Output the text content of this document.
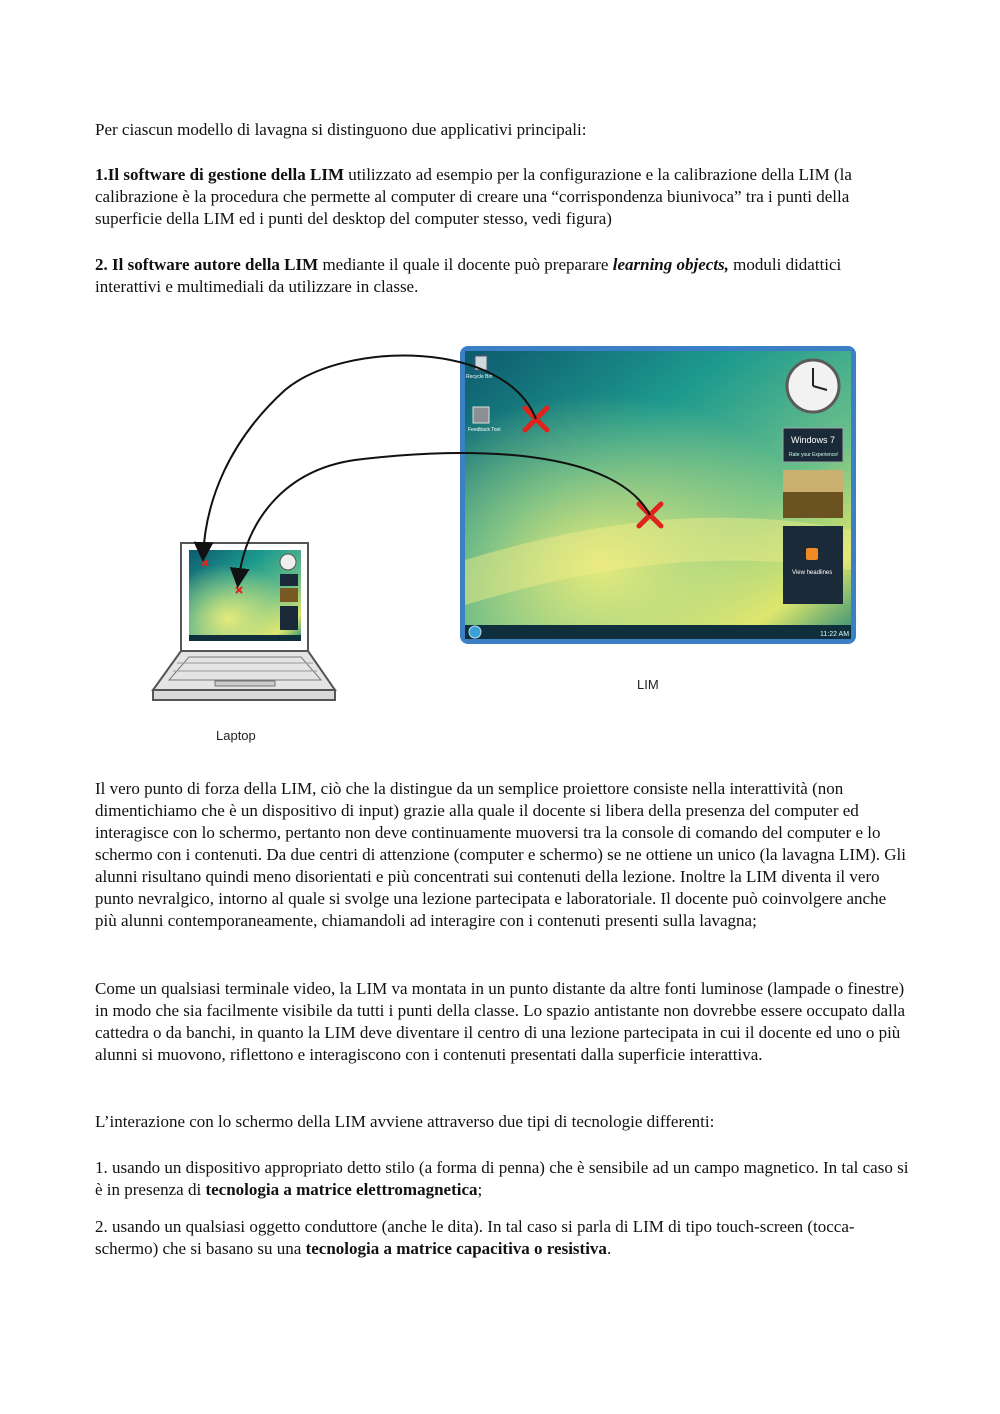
Per ciascun modello di lavagna si distinguono due applicativi principali:

1.Il software di gestione della LIM utilizzato ad esempio per la configurazione e la calibrazione della LIM (la calibrazione è la procedura che permette al computer di creare una “corrispondenza biunivoca” tra i punti della superficie della LIM ed i punti del desktop del computer stesso, vedi figura)

2. Il software autore della LIM mediante il quale il docente può preparare learning objects, moduli didattici interattivi e multimediali da utilizzare in classe.

11:22 AM
Windows 7
Rate your Experience!
View headlines
Recycle Bin
Feedback Tool
LIM
Laptop

Il vero punto di forza della LIM, ciò che la distingue da un semplice proiettore consiste nella interattività (non dimentichiamo che è un dispositivo di input) grazie alla quale il docente si libera della presenza del computer ed interagisce con lo schermo, pertanto non deve continuamente muoversi tra la console di comando del computer e lo schermo con i contenuti. Da due centri di attenzione (computer e schermo) se ne ottiene un unico (la lavagna LIM). Gli alunni risultano quindi meno disorientati e più concentrati sui contenuti della lezione. Inoltre la LIM diventa il vero punto nevralgico, intorno al quale si svolge una lezione partecipata e laboratoriale. Il docente può coinvolgere anche più alunni contemporaneamente, chiamandoli ad interagire con i contenuti presenti sulla lavagna;

Come un qualsiasi terminale video, la LIM va montata in un punto distante da altre fonti luminose (lampade o finestre) in modo che sia facilmente visibile da tutti i punti della classe. Lo spazio antistante non dovrebbe essere occupato dalla cattedra o da banchi, in quanto la LIM deve diventare il centro di una lezione partecipata in cui il docente ed uno o più alunni si muovono, riflettono e interagiscono con i contenuti presentati dalla superficie interattiva.

L’interazione con lo schermo della LIM avviene attraverso due tipi di tecnologie differenti:

1. usando un dispositivo appropriato detto stilo (a forma di penna) che è sensibile ad un campo magnetico. In tal caso si è in presenza di tecnologia a matrice elettromagnetica;

2. usando un qualsiasi oggetto conduttore (anche le dita). In tal caso si parla di LIM di tipo touch-screen (tocca-schermo) che si basano su una tecnologia a matrice capacitiva o resistiva.
